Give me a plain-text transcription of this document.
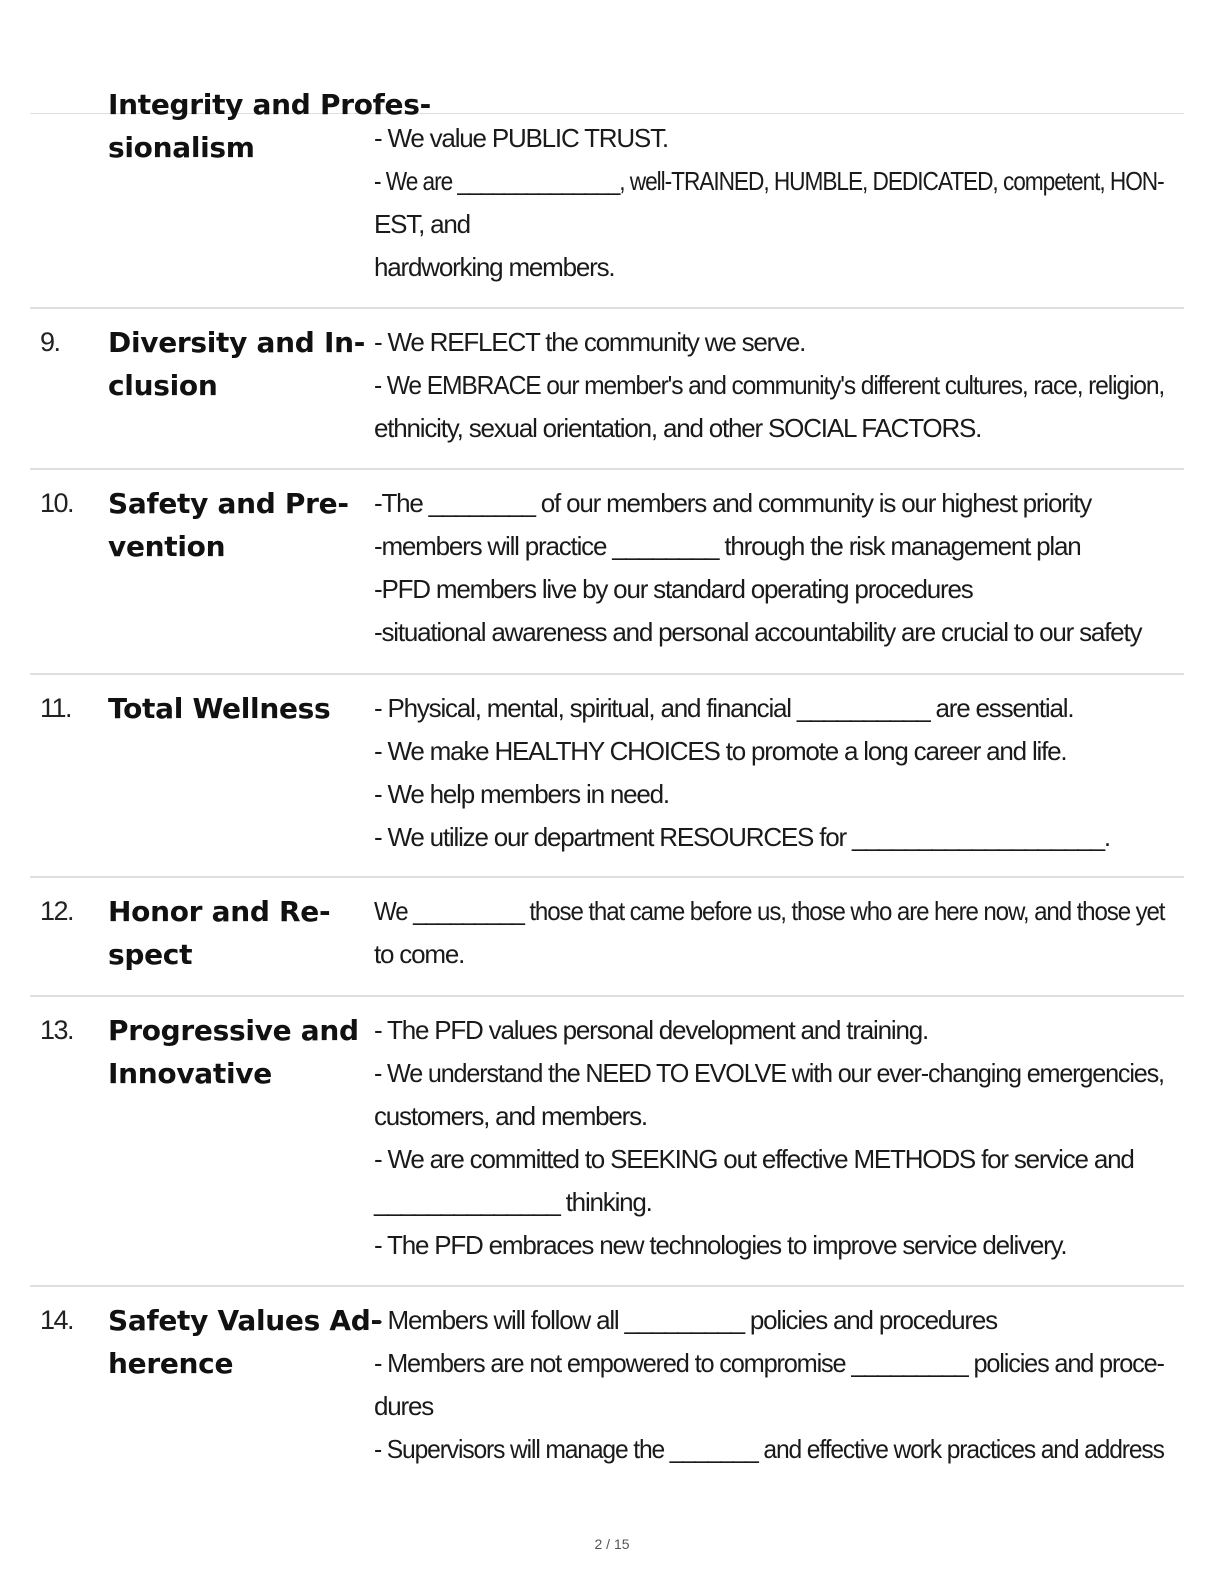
Integrity and Profes-
sionalism	- We value PUBLIC TRUST.
- We are ______________, well-TRAINED, HUMBLE, DEDICATED, competent, HON-
EST, and
hardworking members.
9. Diversity and In-
clusion
- We REFLECT the community we serve.
- We EMBRACE our member's and community's different cultures, race, religion,
ethnicity, sexual orientation, and other SOCIAL FACTORS.
10. Safety and Pre-
vention
-The ________ of our members and community is our highest priority
-members will practice ________ through the risk management plan
-PFD members live by our standard operating procedures
-situational awareness and personal accountability are crucial to our safety
11. Total Wellness	- Physical, mental, spiritual, and financial __________ are essential.
- We make HEALTHY CHOICES to promote a long career and life.
- We help members in need.
- We utilize our department RESOURCES for ___________________.
12. Honor and Re-
spect
We _________ those that came before us, those who are here now, and those yet
to come.
13. Progressive and
Innovative
- The PFD values personal development and training.
- We understand the NEED TO EVOLVE with our ever-changing emergencies,
customers, and members.
- We are committed to SEEKING out effective METHODS for service and
______________ thinking.
- The PFD embraces new technologies to improve service delivery.
14. Safety Values Ad-
herence
- Members will follow all _________ policies and procedures
- Members are not empowered to compromise _________ policies and proce-
dures
- Supervisors will manage the _______ and effective work practices and address
2 / 15
